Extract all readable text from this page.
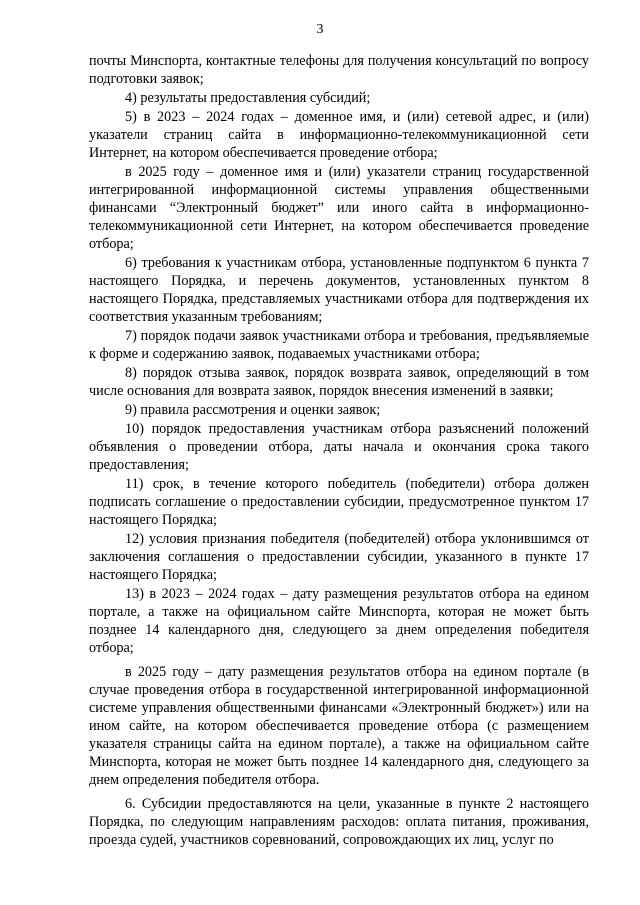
3

почты Минспорта, контактные телефоны для получения консультаций по вопросу подготовки заявок;

4) результаты предоставления субсидий;

5) в 2023 – 2024 годах – доменное имя, и (или) сетевой адрес, и (или) указатели страниц сайта в информационно-телекоммуникационной сети Интернет, на котором обеспечивается проведение отбора;

в 2025 году – доменное имя и (или) указатели страниц государственной интегрированной информационной системы управления общественными финансами “Электронный бюджет” или иного сайта в информационно-телекоммуникационной сети Интернет, на котором обеспечивается проведение отбора;

6) требования к участникам отбора, установленные подпунктом 6 пункта 7 настоящего Порядка, и перечень документов, установленных пунктом 8 настоящего Порядка, представляемых участниками отбора для подтверждения их соответствия указанным требованиям;

7) порядок подачи заявок участниками отбора и требования, предъявляемые к форме и содержанию заявок, подаваемых участниками отбора;

8) порядок отзыва заявок, порядок возврата заявок, определяющий в том числе основания для возврата заявок, порядок внесения изменений в заявки;

9) правила рассмотрения и оценки заявок;

10) порядок предоставления участникам отбора разъяснений положений объявления о проведении отбора, даты начала и окончания срока такого предоставления;

11) срок, в течение которого победитель (победители) отбора должен подписать соглашение о предоставлении субсидии, предусмотренное пунктом 17 настоящего Порядка;

12) условия признания победителя (победителей) отбора уклонившимся от заключения соглашения о предоставлении субсидии, указанного в пункте 17 настоящего Порядка;

13) в 2023 – 2024 годах – дату размещения результатов отбора на едином портале, а также на официальном сайте Минспорта, которая не может быть позднее 14 календарного дня, следующего за днем определения победителя отбора;

в 2025 году – дату размещения результатов отбора на едином портале (в случае проведения отбора в государственной интегрированной информационной системе управления общественными финансами «Электронный бюджет») или на ином сайте, на котором обеспечивается проведение отбора (с размещением указателя страницы сайта на едином портале), а также на официальном сайте Минспорта, которая не может быть позднее 14 календарного дня, следующего за днем определения победителя отбора.

6. Субсидии предоставляются на цели, указанные в пункте 2 настоящего Порядка, по следующим направлениям расходов: оплата питания, проживания, проезда судей, участников соревнований, сопровождающих их лиц, услуг по
